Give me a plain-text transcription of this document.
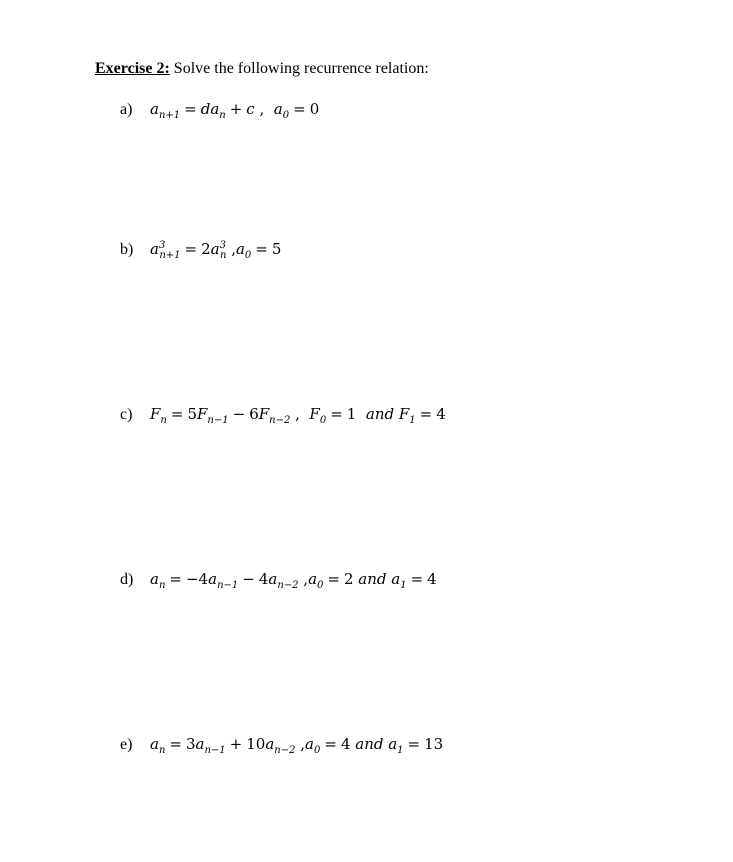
Exercise 2: Solve the following recurrence relation:
a) $a_{n+1} = da_n + c$ ,  $a_0 = 0$
b) $a^3_{n+1} = 2a^3_n$ $,a_0 = 5$
c) $F_n = 5F_{n-1} - 6F_{n-2}$ ,  $F_0 = 1$  and $F_1 = 4$
d) $a_n = -4a_{n-1} - 4a_{n-2}$ $,a_0 = 2$ and $a_1 = 4$
e) $a_n = 3a_{n-1} + 10a_{n-2}$ $,a_0 = 4$ and $a_1 = 13$
